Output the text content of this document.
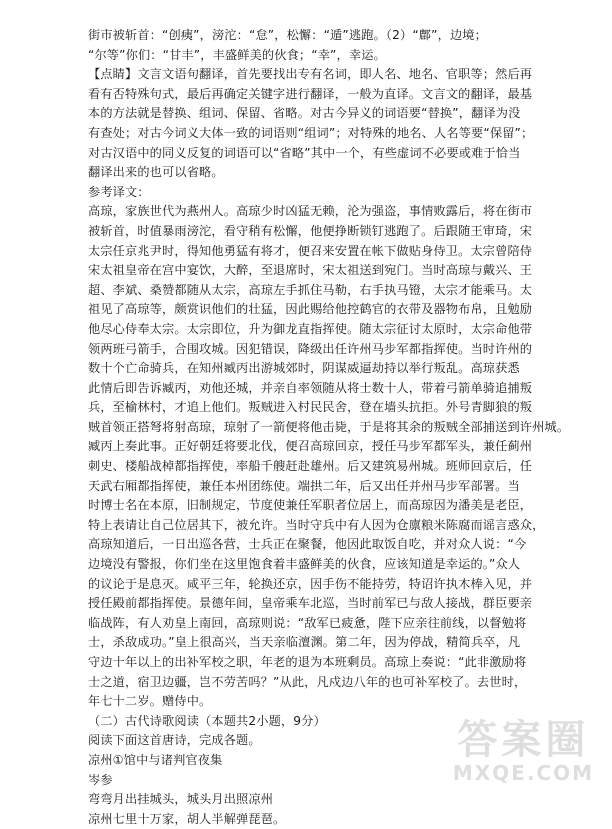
街市被斩首：“创痍”，滂沱：“怠”，松懈：“遁”逃跑。（2）“鄜”，边境；
“尔等”你们：“甘丰”，丰盛鲜美的伙食；“幸”，幸运。
【点睛】文言文语句翻译，首先要找出专有名词，即人名、地名、官职等；然后再
看有否特殊句式，最后再确定关键字进行翻译，一般为直译。文言文的翻译，最基
本的方法就是替换、组词、保留、省略。对古今异义的词语要“替换”，翻译为没
有查处；对古今词义大体一致的词语则“组词”；对特殊的地名、人名等要“保留”；
对古汉语中的同义反复的词语可以“省略”其中一个，有些虚词不必要或难于恰当
翻译出来的也可以省略。
参考译文：
高琼，家族世代为燕州人。高琼少时凶猛无赖，沦为强盗，事情败露后，将在街市
被斩首，时值暴雨滂沱，看守稍有松懈，他便挣断锁钉逃跑了。后跟随王审琦，宋
太宗任京兆尹时，得知他勇猛有将才，便召来安置在帐下做贴身侍卫。太宗曾陪侍
宋太祖皇帝在宫中宴饮，大醉，至退席时，宋太祖送到宛门。当时高琼与戴兴、王
超、李斌、桑赞都随从太宗，高琼左手抓住马勒，右手执马镫，太宗才能乘马。太
祖见了高琼等，颇赏识他们的壮猛，因此赐给他控鹤官的衣带及器物布帛，且勉励
他尽心侍奉太宗。太宗即位，升为御龙直指挥使。随太宗征讨太原时，太宗命他带
领两班弓箭手，合围攻城。因犯错误，降级出任许州马步军都指挥使。当时许州的
数十个亡命骑兵，在知州臧丙出游城郊时，阴谋威逼劫持以举行叛乱。高琼获悉
此情后即告诉臧丙，劝他还城，并亲自率领随从将士数十人，带着弓箭单骑追捕叛
兵，至榆林村，才追上他们。叛贼进入村民民舍，登在墙头抗拒。外号青脚狼的叛
贼首领正搭弩将射高琼，琼射了一箭便将他击毙，于是将其余的叛贼全部捕送到许州城。
臧丙上奏此事。正好朝廷将要北伐，便召高琼回京，授任马步军都军头，兼任蓟州
刺史、楼船战棹都指挥使，率船千艘赶赴雄州。后又建筑易州城。班师回京后，任
天武右厢都指挥使，兼任本州团练使。端拱二年，后又出任并州马步军部署。当
时博士名在本原，旧制规定，节度使兼任军职者位居上，而高琼因为潘美是老臣，
特上表请让自己位居其下，被允许。当时守兵中有人因为仓廪粮米陈腐而谣言惑众，
高琼知道后，一日出巡各营，士兵正在聚餐，他因此取饭自吃，并对众人说：“今
边境没有警报，你们坐在这里饱食着丰盛鲜美的伙食，应该知道是幸运的。”众人
的议论于是息灭。咸平三年，轮换还京，因手伤不能持劳，特诏许执木棒入见，并
授任殿前都指挥使。景德年间，皇帝乘车北巡，当时前军已与敌人接战，群臣要亲
临战阵，有人劝皇上南回，高琼则说：“敌军已疲惫，陛下应亲往前线，以督勉将
士，杀敌成功。”皇上很高兴，当天亲临澶渊。第二年，因为停战，精简兵卒，凡
守边十年以上的出补军校之职，年老的退为本班剩员。高琼上奏说：“此非激励将
士之道，宿卫边疆，岂不劳苦吗？”从此，凡戍边八年的也可补军校了。去世时，
年七十二岁。赠侍中。
（二）古代诗歌阅读（本题共2小题，9分）
阅读下面这首唐诗，完成各题。
凉州①馆中与诸判官夜集
岑参
弯弯月出挂城头，城头月出照凉州
凉州七里十万家，胡人半解弹琵琶。
答案圈
MXQE.COM
